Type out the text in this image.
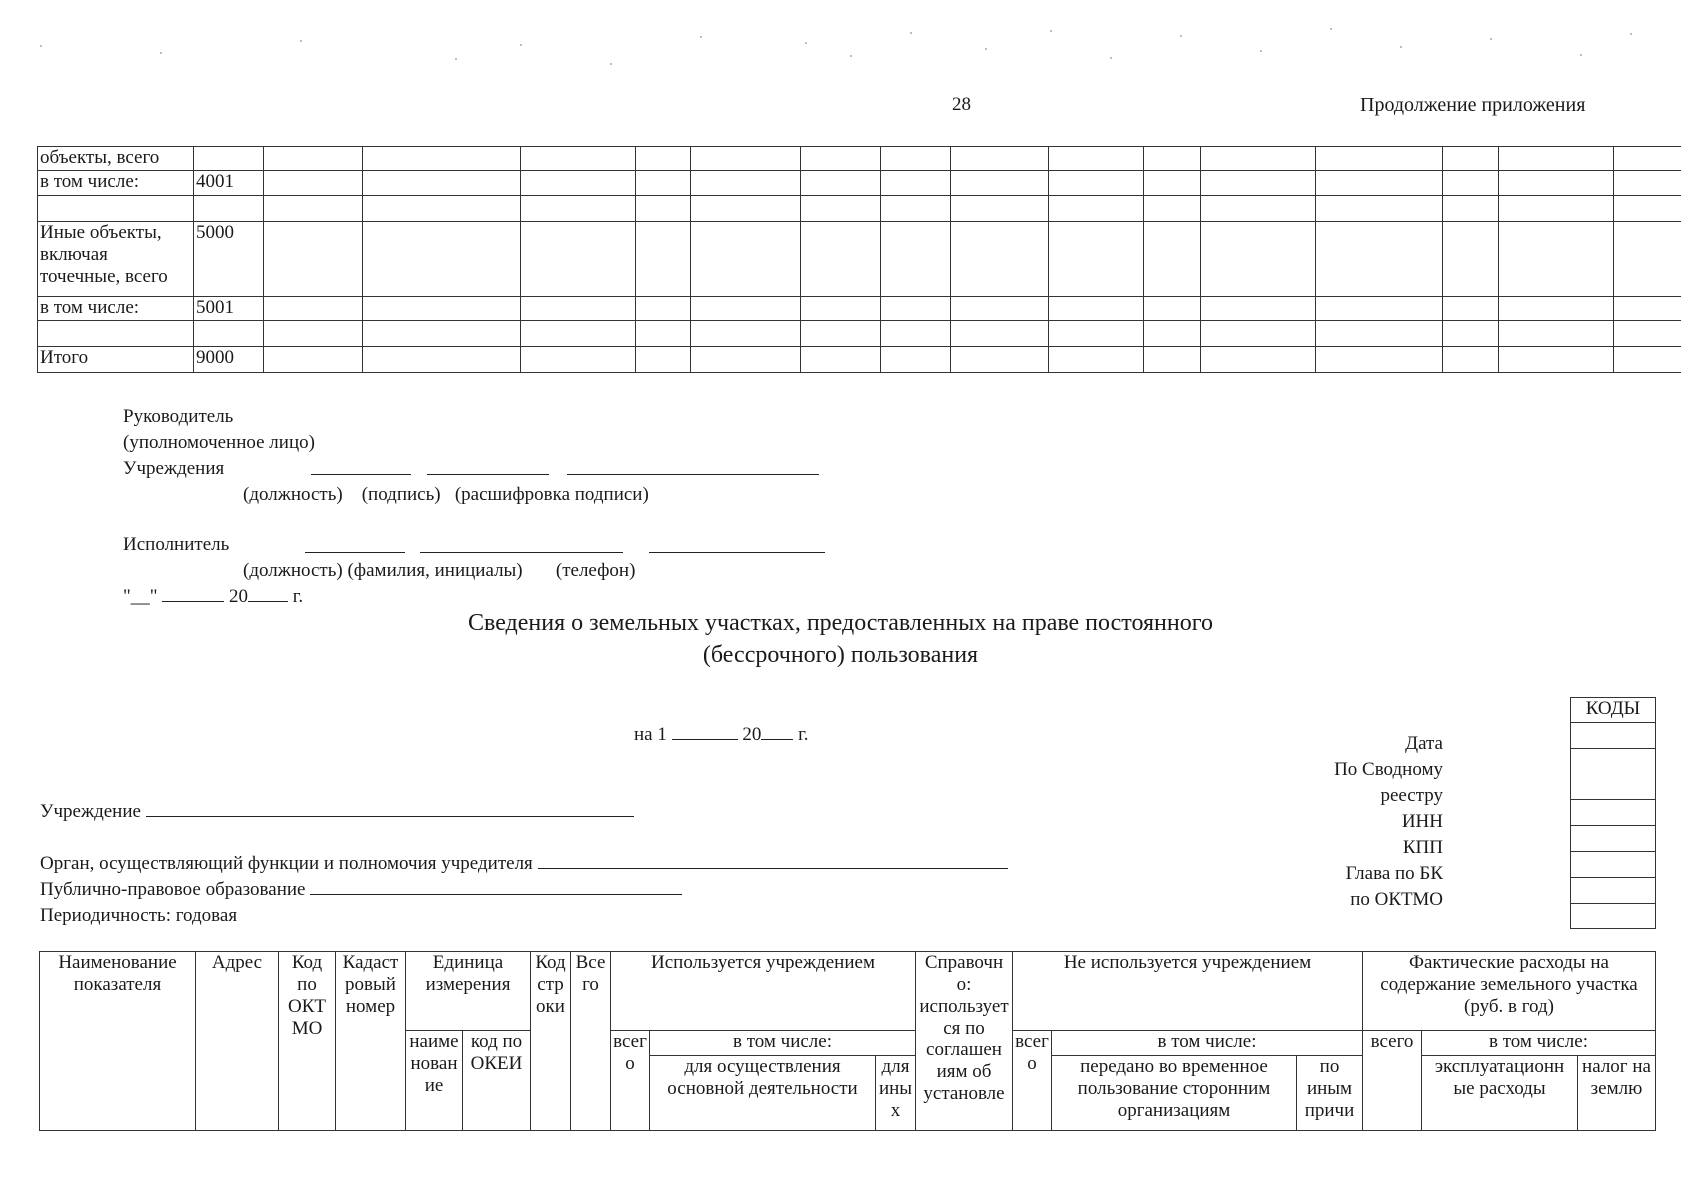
28	Продолжение приложения
объекты, всего																
в том числе:	4001															

Иные объекты, включая точечные, всего	5000															
в том числе:	5001															

Итого	9000															
Руководитель
(уполномоченное лицо)
Учреждения
(должность)    (подпись)   (расшифровка подписи)
Исполнитель
(должность) (фамилия, инициалы)       (телефон)
"__"	20 г.
Сведения о земельных участках, предоставленных на праве постоянного
(бессрочного) пользования
на 1	20 г.	Дата
По Сводному
реестру
ИНН
КПП
Глава по БК
по ОКТМО
КОДЫ

Учреждение
Орган, осуществляющий функции и полномочия учредителя
Публично-правовое образование
Периодичность: годовая
Наименование показателя	Адрес	Код по ОКТ МО	Кадаст ровый номер	Единица измерения		Код стр оки	Все го	Используется учреждением			Справочн о: использует ся по соглашен иям об установле	Не используется учреждением			Фактические расходы на содержание земельного участка (руб. в год)		
				наиме нован ие	код по ОКЕИ			всег о	в том числе:			всег о	в том числе:		всего	в том числе:	
									для осуществления основной деятельности	для ины х			передано во временное пользование сторонним организациям	по иным причи		эксплуатационн ые расходы	налог на землю
